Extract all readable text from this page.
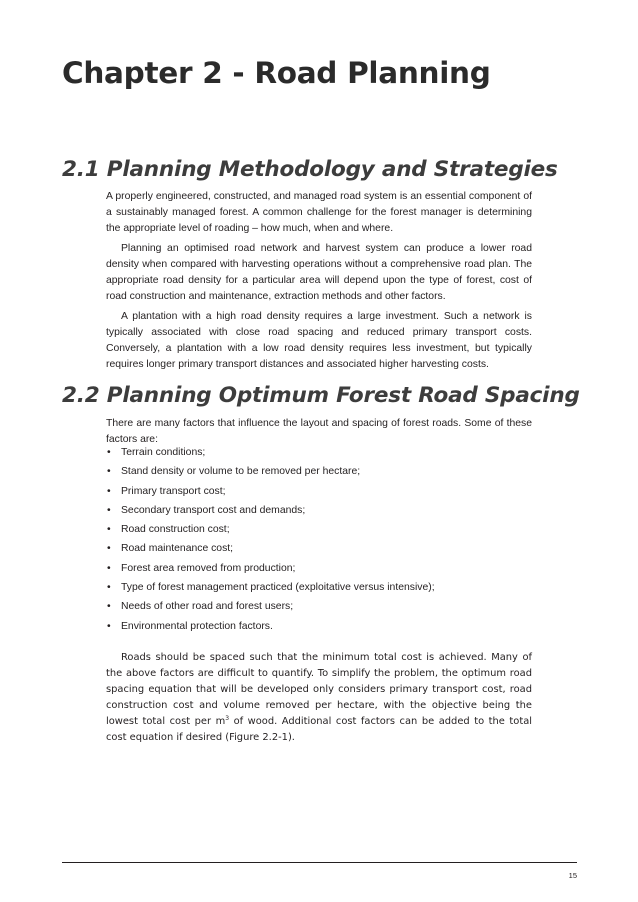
Chapter 2 - Road Planning
2.1 Planning Methodology and Strategies

A properly engineered, constructed, and managed road system is an essential component of a sustainably managed forest. A common challenge for the forest manager is determining the appropriate level of roading – how much, when and where.

Planning an optimised road network and harvest system can produce a lower road density when compared with harvesting operations without a comprehensive road plan. The appropriate road density for a particular area will depend upon the type of forest, cost of road construction and maintenance, extraction methods and other factors.

A plantation with a high road density requires a large investment. Such a network is typically associated with close road spacing and reduced primary transport costs. Conversely, a plantation with a low road density requires less investment, but typically requires longer primary transport distances and associated higher harvesting costs.

2.2 Planning Optimum Forest Road Spacing

There are many factors that influence the layout and spacing of forest roads. Some of these factors are:

• Terrain conditions;
• Stand density or volume to be removed per hectare;
• Primary transport cost;
• Secondary transport cost and demands;
• Road construction cost;
• Road maintenance cost;
• Forest area removed from production;
• Type of forest management practiced (exploitative versus intensive);
• Needs of other road and forest users;
• Environmental protection factors.

Roads should be spaced such that the minimum total cost is achieved. Many of the above factors are difficult to quantify. To simplify the problem, the optimum road spacing equation that will be developed only considers primary transport cost, road construction cost and volume removed per hectare, with the objective being the lowest total cost per $m^3$ of wood. Additional cost factors can be added to the total cost equation if desired (Figure 2.2-1).

15
